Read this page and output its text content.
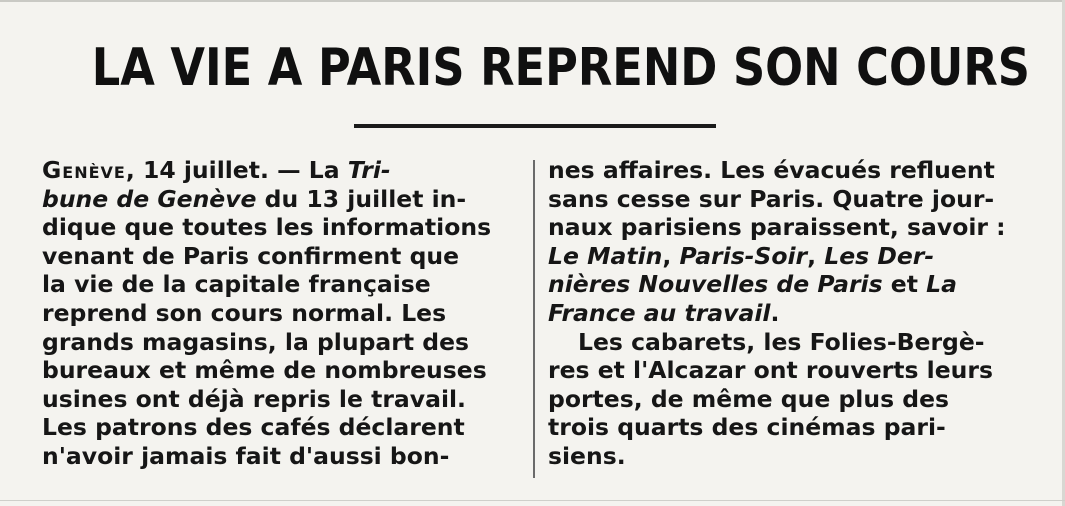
LA VIE A PARIS REPREND SON COURS
Genève, 14 juillet. — La Tri-
bune de Genève du 13 juillet in-
dique que toutes les informations
venant de Paris confirment que
la vie de la capitale française
reprend son cours normal. Les
grands magasins, la plupart des
bureaux et même de nombreuses
usines ont déjà repris le travail.
Les patrons des cafés déclarent
n'avoir jamais fait d'aussi bon-
nes affaires. Les évacués refluent
sans cesse sur Paris. Quatre jour-
naux parisiens paraissent, savoir :
Le Matin, Paris-Soir, Les Der-
nières Nouvelles de Paris et La
France au travail.
Les cabarets, les Folies-Bergè-
res et l'Alcazar ont rouverts leurs
portes, de même que plus des
trois quarts des cinémas pari-
siens.
